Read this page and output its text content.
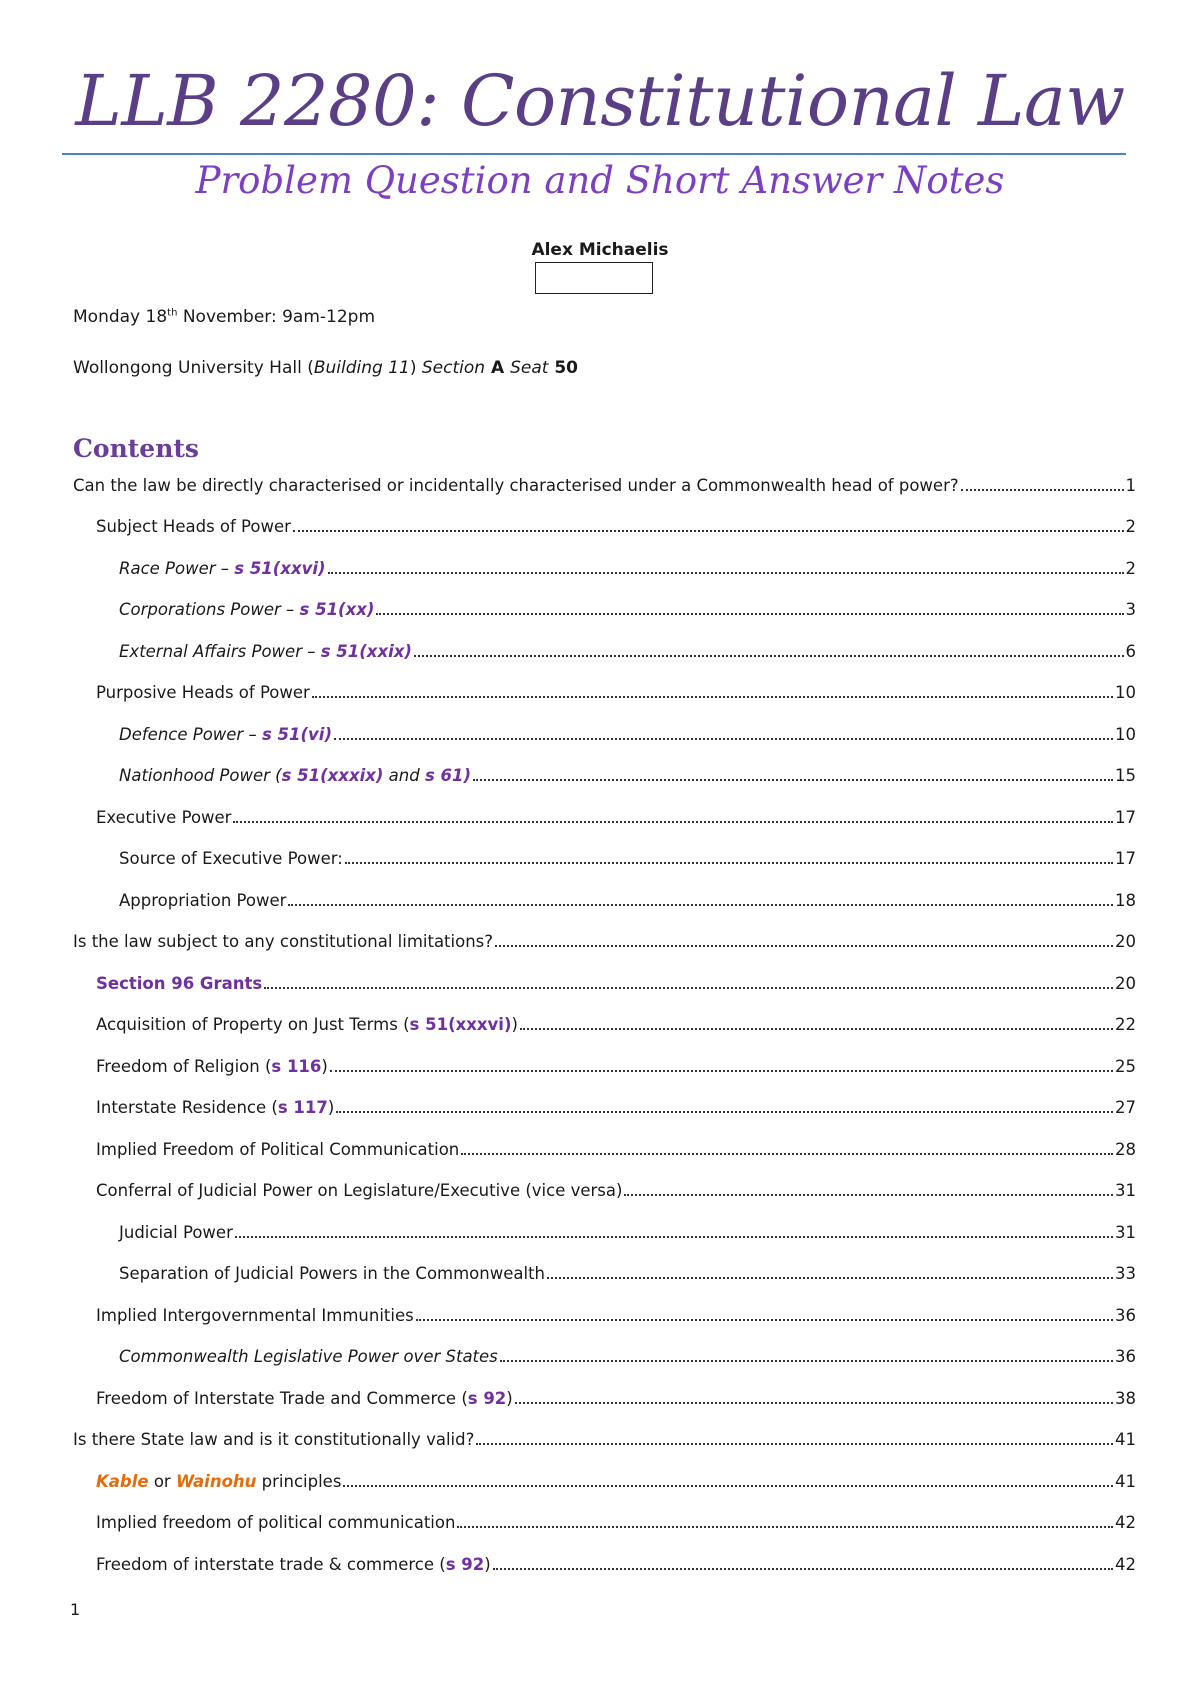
LLB 2280: Constitutional Law
Problem Question and Short Answer Notes
Alex Michaelis
Monday 18th November: 9am-12pm
Wollongong University Hall (Building 11) Section A Seat 50
Contents
Can the law be directly characterised or incidentally characterised under a Commonwealth head of power?	1
Subject Heads of Power	2
Race Power – s 51(xxvi)	2
Corporations Power – s 51(xx)	3
External Affairs Power – s 51(xxix)	6
Purposive Heads of Power	10
Defence Power – s 51(vi)	10
Nationhood Power (s 51(xxxix) and s 61)	15
Executive Power	17
Source of Executive Power:	17
Appropriation Power	18
Is the law subject to any constitutional limitations?	20
Section 96 Grants	20
Acquisition of Property on Just Terms (s 51(xxxvi))	22
Freedom of Religion (s 116)	25
Interstate Residence (s 117)	27
Implied Freedom of Political Communication	28
Conferral of Judicial Power on Legislature/Executive (vice versa)	31
Judicial Power	31
Separation of Judicial Powers in the Commonwealth	33
Implied Intergovernmental Immunities	36
Commonwealth Legislative Power over States	36
Freedom of Interstate Trade and Commerce (s 92)	38
Is there State law and is it constitutionally valid?	41
Kable or Wainohu principles	41
Implied freedom of political communication	42
Freedom of interstate trade & commerce (s 92)	42
1
